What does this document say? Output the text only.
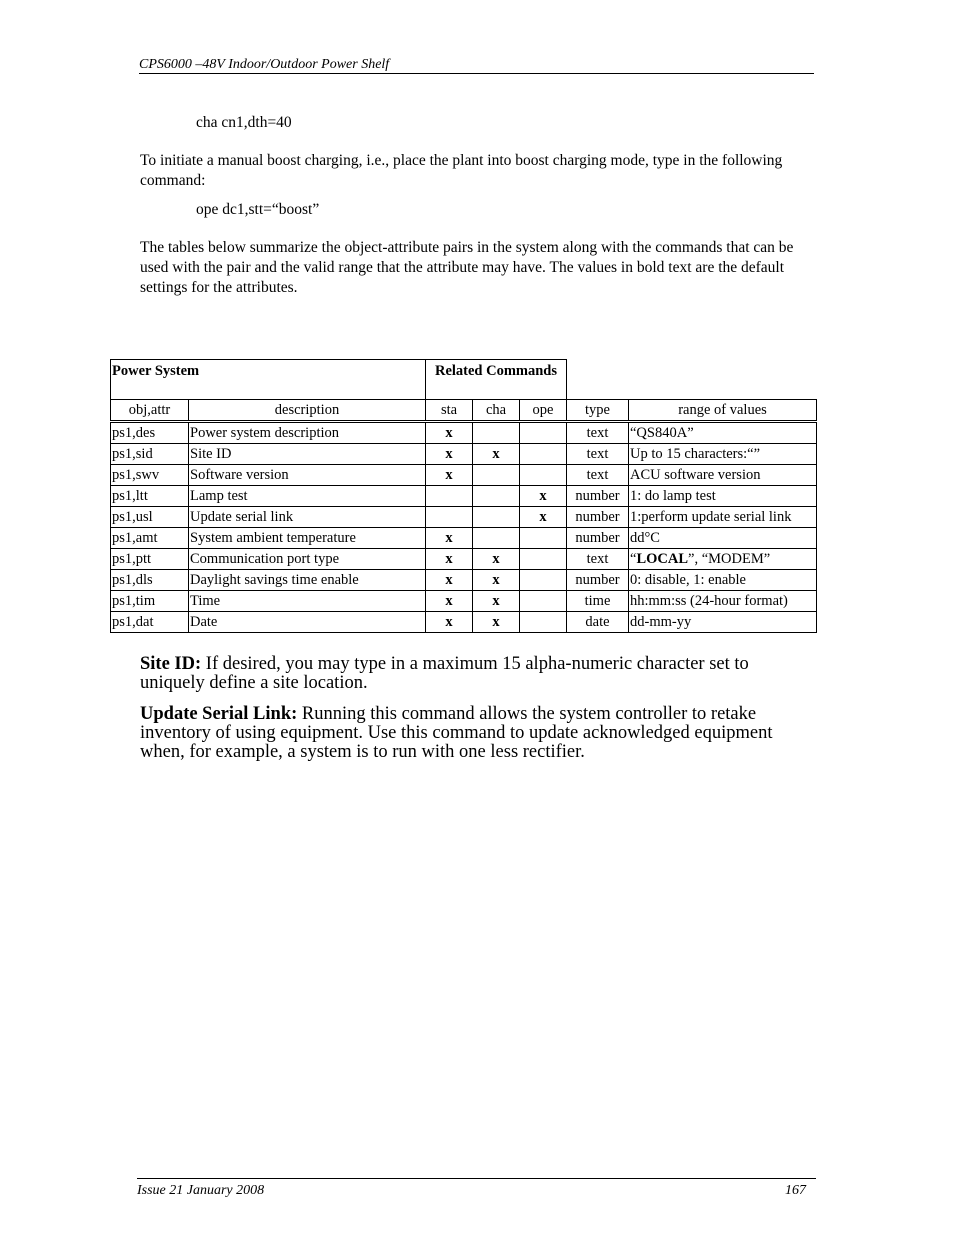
CPS6000 –48V Indoor/Outdoor Power Shelf
cha cn1,dth=40
To initiate a manual boost charging, i.e., place the plant into boost charging mode, type in the following command:
ope dc1,stt=“boost”
The tables below summarize the object-attribute pairs in the system along with the commands that can be used with the pair and the valid range that the attribute may have. The values in bold text are the default settings for the attributes.
Power System		Related Commands				
obj,attr	description	sta	cha	ope	type	range of values
ps1,des	Power system description	x			text	“QS840A”
ps1,sid	Site ID	x	x		text	Up to 15 characters:“”
ps1,swv	Software version	x			text	ACU software version
ps1,ltt	Lamp test			x	number	1: do lamp test
ps1,usl	Update serial link			x	number	1:perform update serial link
ps1,amt	System ambient temperature	x			number	dd°C
ps1,ptt	Communication port type	x	x		text	“LOCAL”, “MODEM”
ps1,dls	Daylight savings time enable	x	x		number	0: disable, 1: enable
ps1,tim	Time	x	x		time	hh:mm:ss (24-hour format)
ps1,dat	Date	x	x		date	dd-mm-yy
Site ID: If desired, you may type in a maximum 15 alpha-numeric character set to uniquely define a site location.
Update Serial Link: Running this command allows the system controller to retake inventory of using equipment. Use this command to update acknowledged equipment when, for example, a system is to run with one less rectifier.
Issue 21 January 2008	167
